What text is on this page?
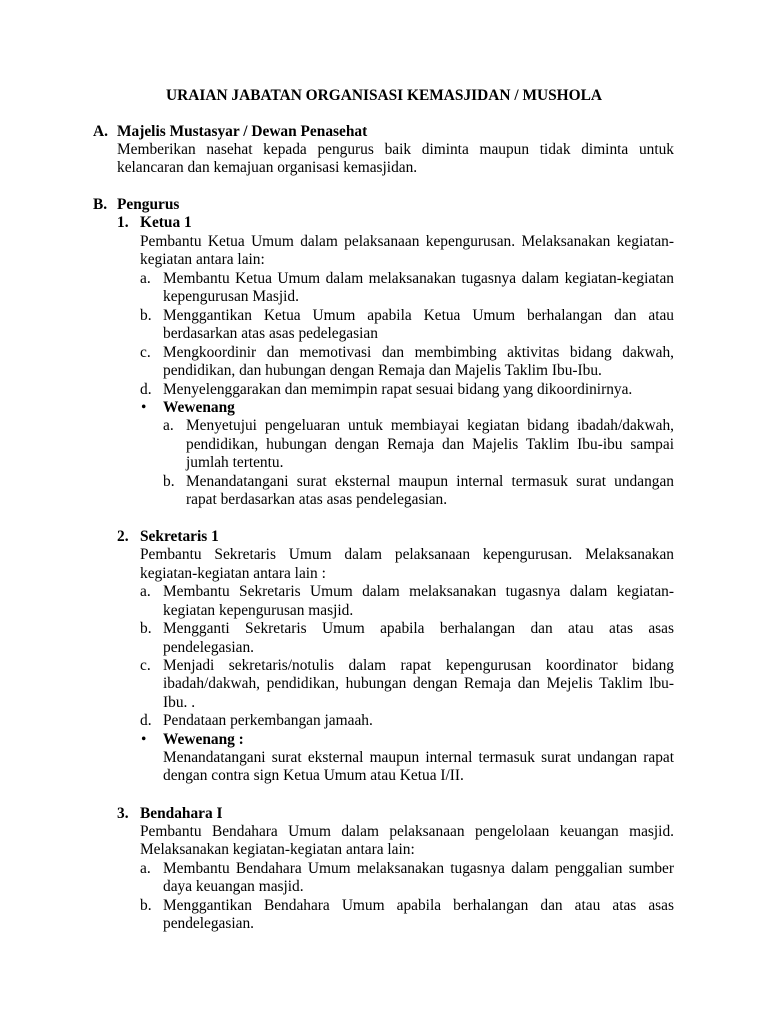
URAIAN JABATAN ORGANISASI KEMASJIDAN / MUSHOLA
A. Majelis Mustasyar / Dewan Penasehat
Memberikan nasehat kepada pengurus baik diminta maupun tidak diminta untuk
kelancaran dan kemajuan organisasi kemasjidan.
B. Pengurus
1. Ketua 1
Pembantu Ketua Umum dalam pelaksanaan kepengurusan. Melaksanakan kegiatan-
kegiatan antara lain:
a. Membantu Ketua Umum dalam melaksanakan tugasnya dalam kegiatan-kegiatan
kepengurusan Masjid.
b. Menggantikan Ketua Umum apabila Ketua Umum berhalangan dan atau
berdasarkan atas asas pedelegasian
c. Mengkoordinir dan memotivasi dan membimbing aktivitas bidang dakwah,
pendidikan, dan hubungan dengan Remaja dan Majelis Taklim Ibu-Ibu.
d. Menyelenggarakan dan memimpin rapat sesuai bidang yang dikoordinirnya.
• Wewenang
a. Menyetujui pengeluaran untuk membiayai kegiatan bidang ibadah/dakwah,
pendidikan, hubungan dengan Remaja dan Majelis Taklim Ibu-ibu sampai
jumlah tertentu.
b. Menandatangani surat eksternal maupun internal termasuk surat undangan
rapat berdasarkan atas asas pendelegasian.
2. Sekretaris 1
Pembantu Sekretaris Umum dalam pelaksanaan kepengurusan. Melaksanakan
kegiatan-kegiatan antara lain :
a. Membantu Sekretaris Umum dalam melaksanakan tugasnya dalam kegiatan-
kegiatan kepengurusan masjid.
b. Mengganti Sekretaris Umum apabila berhalangan dan atau atas asas
pendelegasian.
c. Menjadi sekretaris/notulis dalam rapat kepengurusan koordinator bidang
ibadah/dakwah, pendidikan, hubungan dengan Remaja dan Mejelis Taklim lbu-
Ibu. .
d. Pendataan perkembangan jamaah.
• Wewenang :
Menandatangani surat eksternal maupun internal termasuk surat undangan rapat
dengan contra sign Ketua Umum atau Ketua I/II.
3. Bendahara I
Pembantu Bendahara Umum dalam pelaksanaan pengelolaan keuangan masjid.
Melaksanakan kegiatan-kegiatan antara lain:
a. Membantu Bendahara Umum melaksanakan tugasnya dalam penggalian sumber
daya keuangan masjid.
b. Menggantikan Bendahara Umum apabila berhalangan dan atau atas asas
pendelegasian.
